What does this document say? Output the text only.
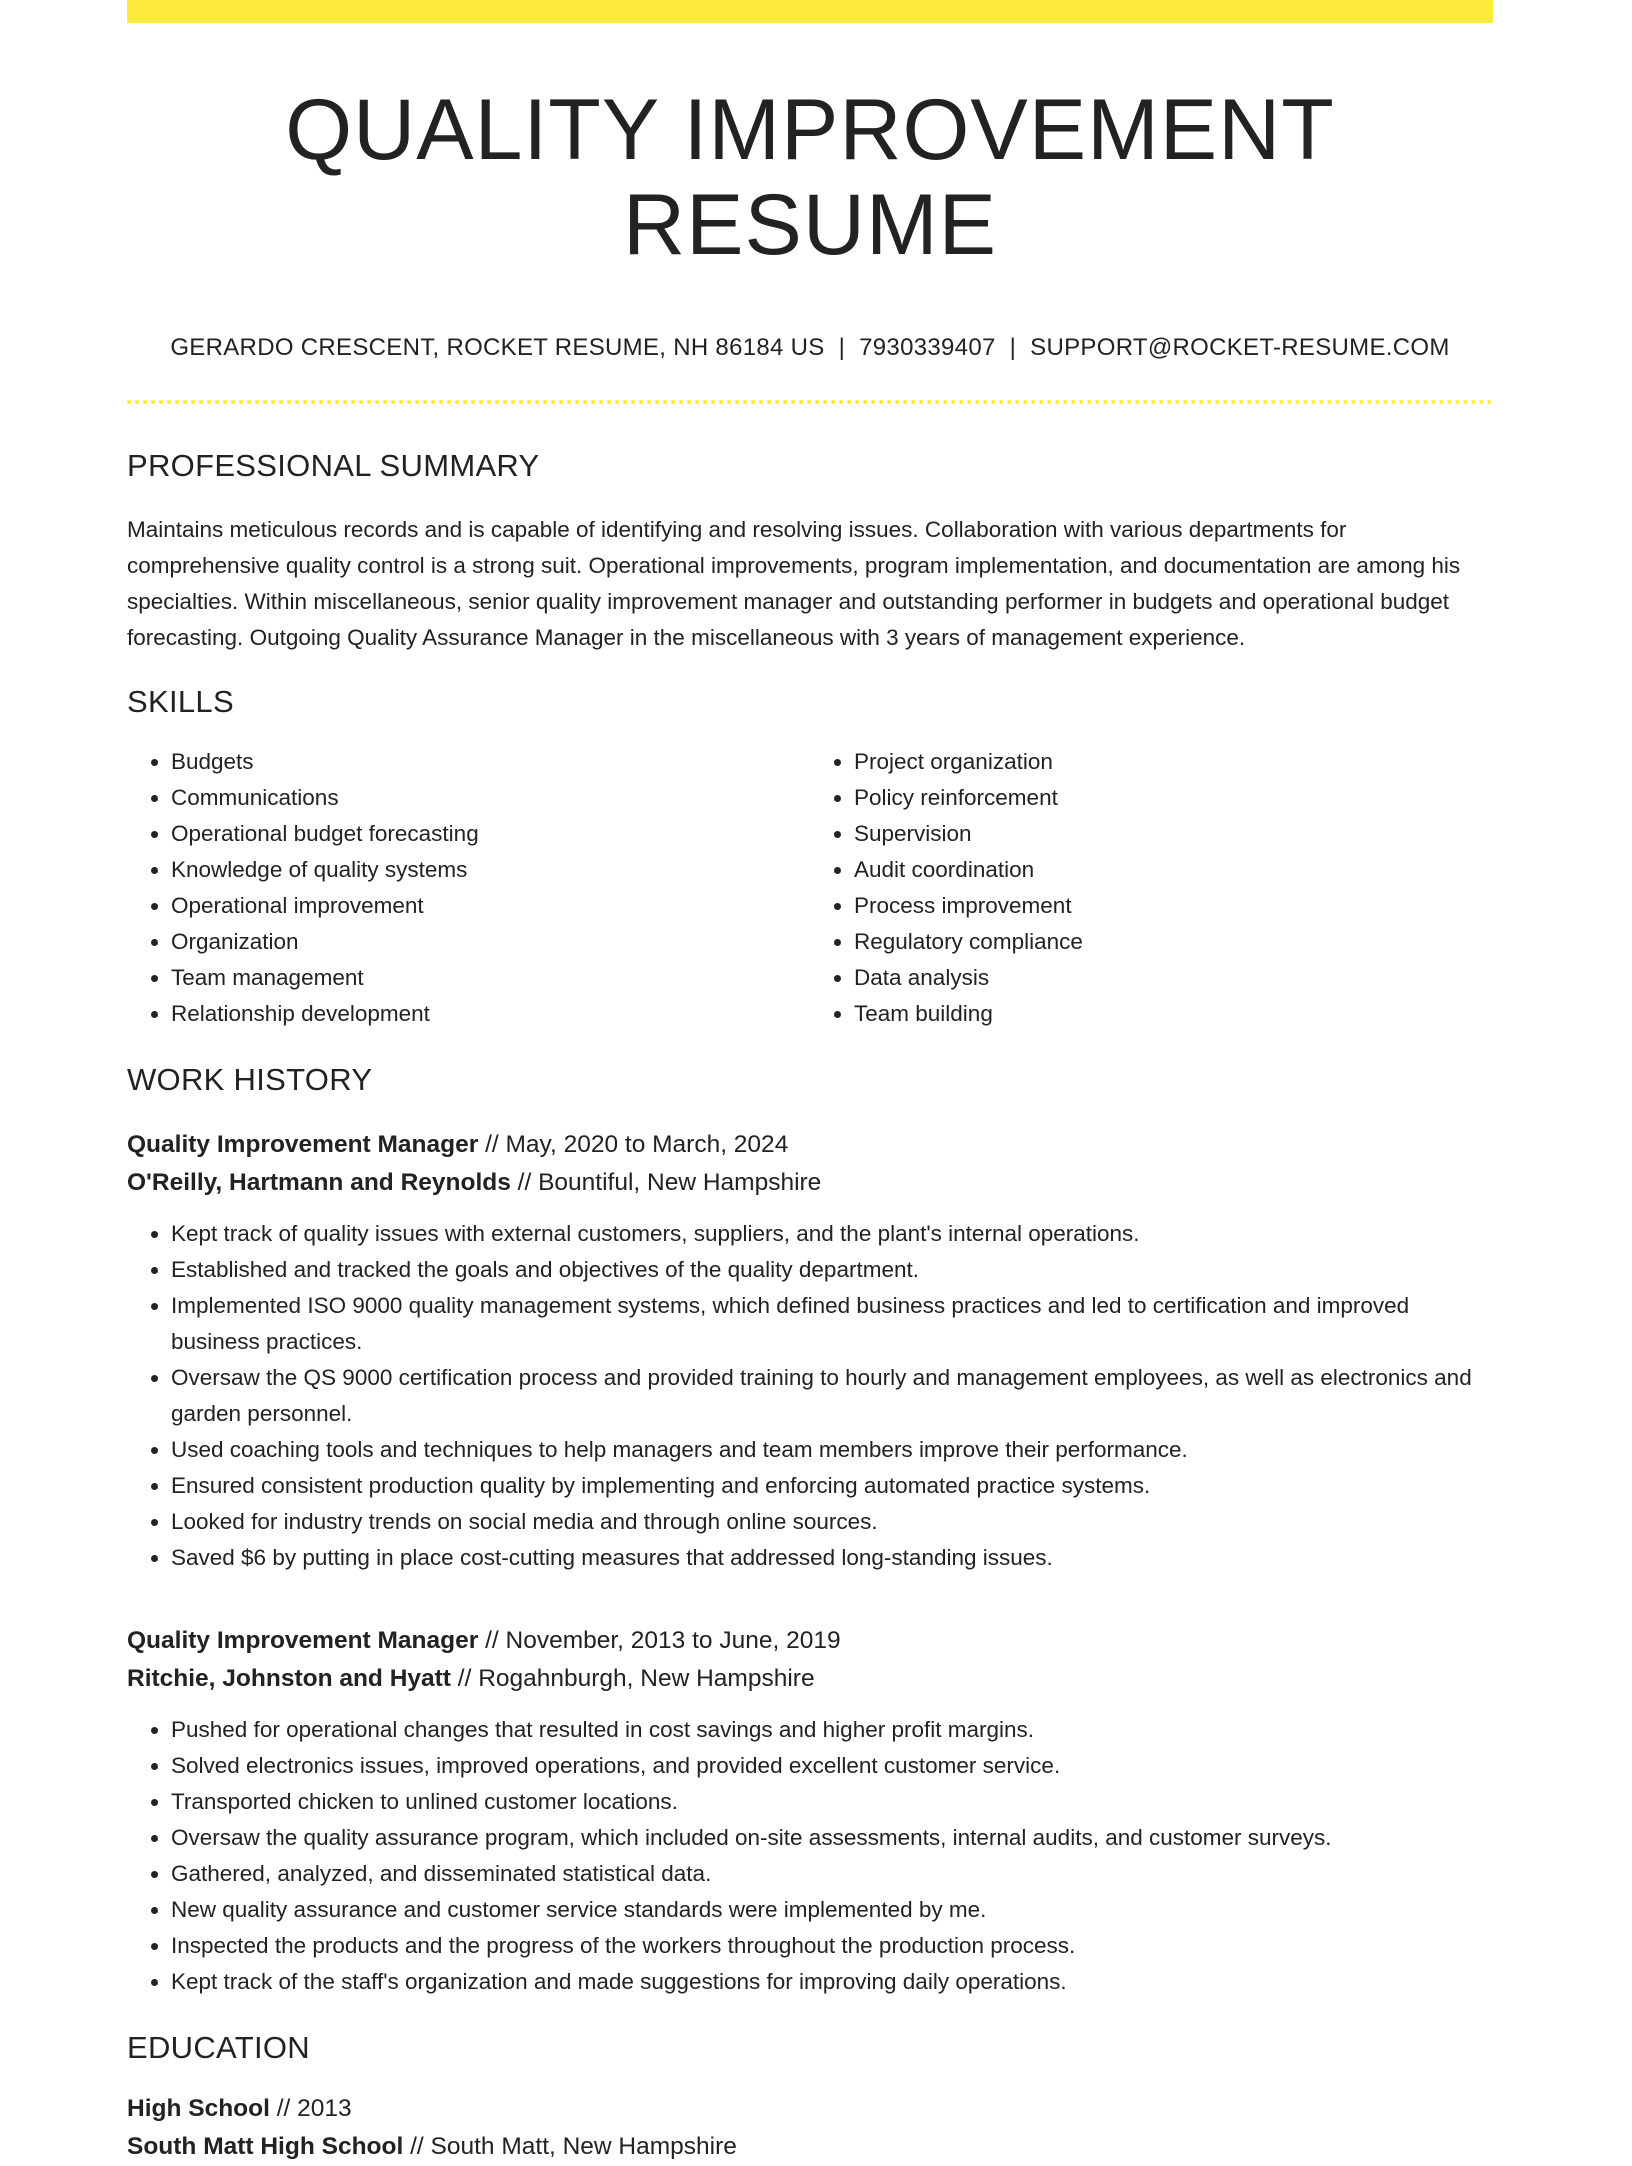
QUALITY IMPROVEMENT RESUME
GERARDO CRESCENT, ROCKET RESUME, NH 86184 US | 7930339407 | SUPPORT@ROCKET-RESUME.COM
PROFESSIONAL SUMMARY

Maintains meticulous records and is capable of identifying and resolving issues. Collaboration with various departments for comprehensive quality control is a strong suit. Operational improvements, program implementation, and documentation are among his specialties. Within miscellaneous, senior quality improvement manager and outstanding performer in budgets and operational budget forecasting. Outgoing Quality Assurance Manager in the miscellaneous with 3 years of management experience.

SKILLS
• Budgets
• Communications
• Operational budget forecasting
• Knowledge of quality systems
• Operational improvement
• Organization
• Team management
• Relationship development
• Project organization
• Policy reinforcement
• Supervision
• Audit coordination
• Process improvement
• Regulatory compliance
• Data analysis
• Team building
WORK HISTORY
Quality Improvement Manager // May, 2020 to March, 2024
O'Reilly, Hartmann and Reynolds // Bountiful, New Hampshire
• Kept track of quality issues with external customers, suppliers, and the plant's internal operations.
• Established and tracked the goals and objectives of the quality department.
• Implemented ISO 9000 quality management systems, which defined business practices and led to certification and improved business practices.
• Oversaw the QS 9000 certification process and provided training to hourly and management employees, as well as electronics and garden personnel.
• Used coaching tools and techniques to help managers and team members improve their performance.
• Ensured consistent production quality by implementing and enforcing automated practice systems.
• Looked for industry trends on social media and through online sources.
• Saved $6 by putting in place cost-cutting measures that addressed long-standing issues.
Quality Improvement Manager // November, 2013 to June, 2019
Ritchie, Johnston and Hyatt // Rogahnburgh, New Hampshire
• Pushed for operational changes that resulted in cost savings and higher profit margins.
• Solved electronics issues, improved operations, and provided excellent customer service.
• Transported chicken to unlined customer locations.
• Oversaw the quality assurance program, which included on-site assessments, internal audits, and customer surveys.
• Gathered, analyzed, and disseminated statistical data.
• New quality assurance and customer service standards were implemented by me.
• Inspected the products and the progress of the workers throughout the production process.
• Kept track of the staff's organization and made suggestions for improving daily operations.
EDUCATION
High School // 2013
South Matt High School // South Matt, New Hampshire
